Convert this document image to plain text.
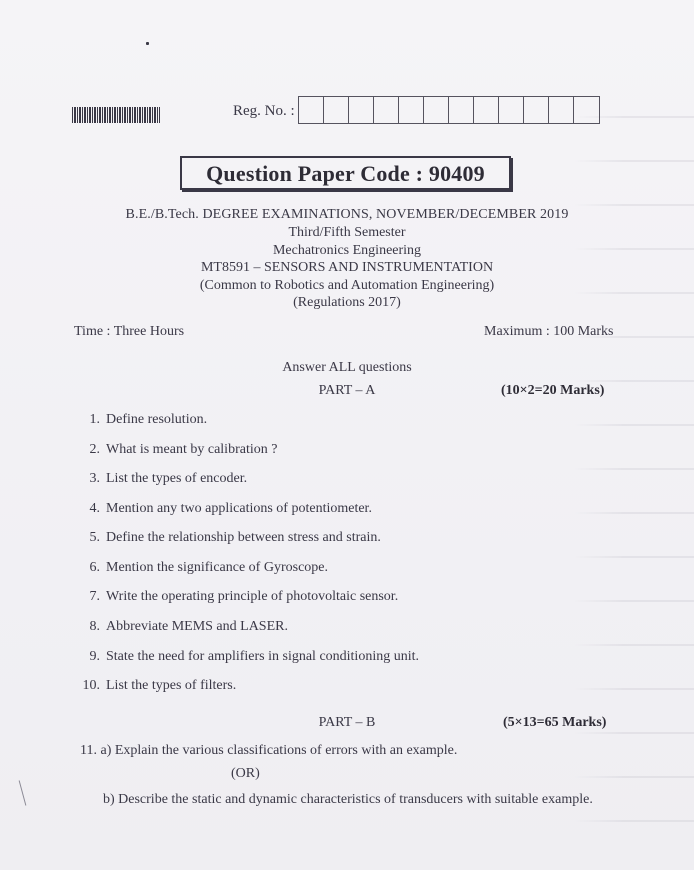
Reg. No. :
Question Paper Code : 90409
B.E./B.Tech. DEGREE EXAMINATIONS, NOVEMBER/DECEMBER 2019
Third/Fifth Semester
Mechatronics Engineering
MT8591 – SENSORS AND INSTRUMENTATION
(Common to Robotics and Automation Engineering)
(Regulations 2017)
Time : Three Hours	Maximum : 100 Marks
Answer ALL questions
PART – A	(10×2=20 Marks)
1. Define resolution.
2. What is meant by calibration ?
3. List the types of encoder.
4. Mention any two applications of potentiometer.
5. Define the relationship between stress and strain.
6. Mention the significance of Gyroscope.
7. Write the operating principle of photovoltaic sensor.
8. Abbreviate MEMS and LASER.
9. State the need for amplifiers in signal conditioning unit.
10. List the types of filters.
PART – B	(5×13=65 Marks)
11. a) Explain the various classifications of errors with an example.
(OR)
b) Describe the static and dynamic characteristics of transducers with suitable example.
